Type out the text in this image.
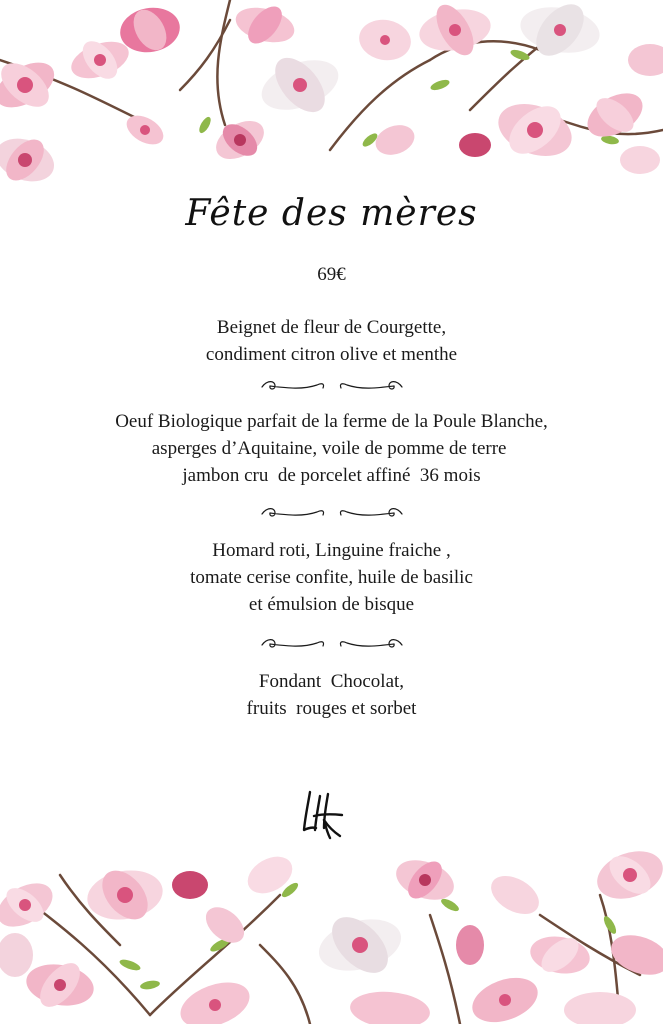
Fête des mères
69€
Beignet de fleur de Courgette,
condiment citron olive et menthe
Oeuf Biologique parfait de la ferme de la Poule Blanche,
asperges d’Aquitaine, voile de pomme de terre
jambon cru  de porcelet affiné  36 mois
Homard roti, Linguine fraiche ,
tomate cerise confite, huile de basilic
et émulsion de bisque
Fondant  Chocolat,
fruits  rouges et sorbet
